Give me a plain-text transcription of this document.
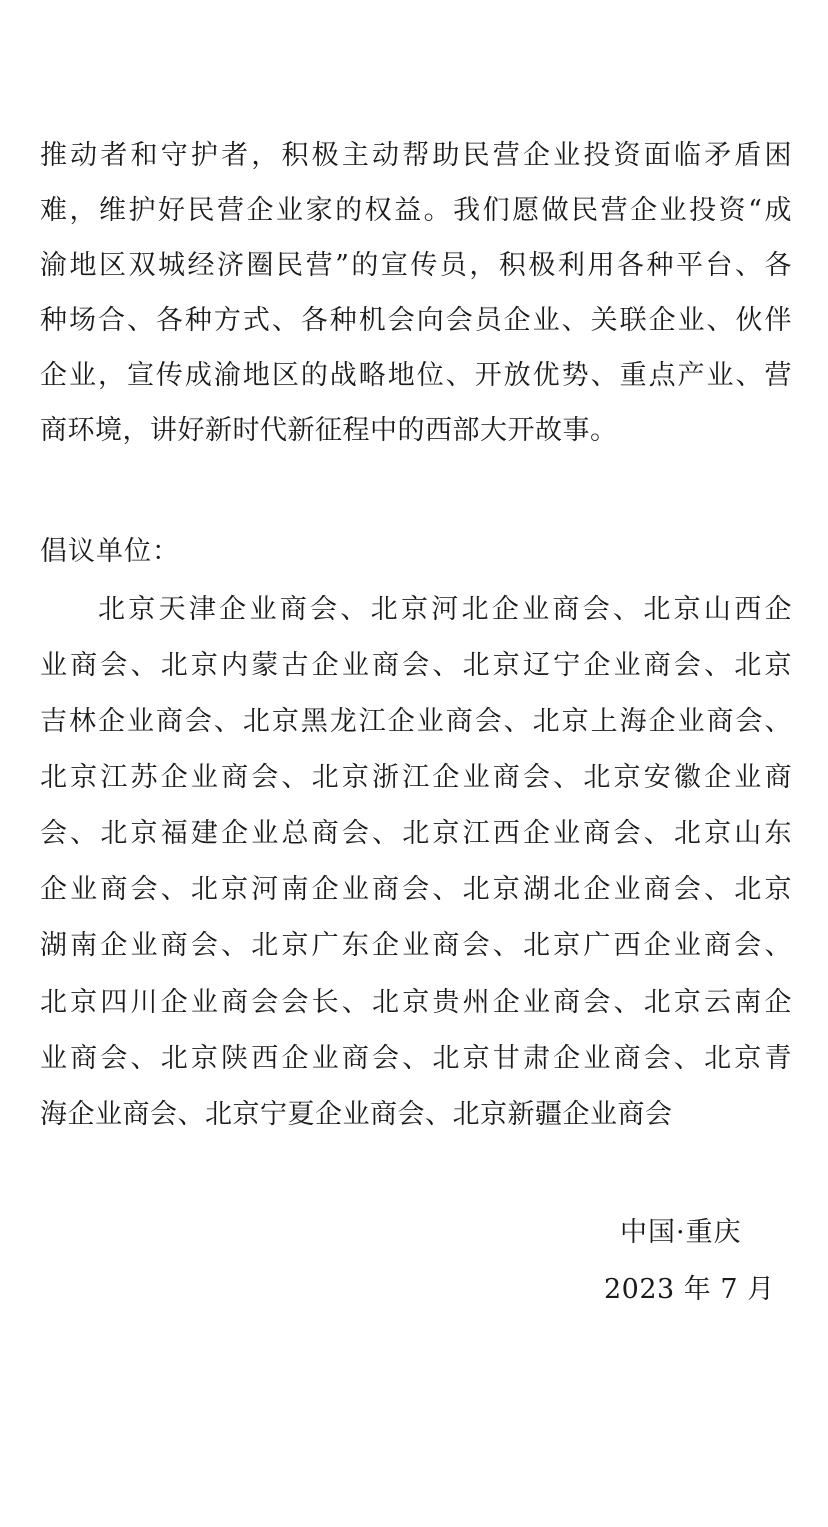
推动者和守护者，积极主动帮助民营企业投资面临矛盾困
难，维护好民营企业家的权益。我们愿做民营企业投资“成
渝地区双城经济圈民营”的宣传员，积极利用各种平台、各
种场合、各种方式、各种机会向会员企业、关联企业、伙伴
企业，宣传成渝地区的战略地位、开放优势、重点产业、营
商环境，讲好新时代新征程中的西部大开故事。
倡议单位：
北京天津企业商会、北京河北企业商会、北京山西企
业商会、北京内蒙古企业商会、北京辽宁企业商会、北京
吉林企业商会、北京黑龙江企业商会、北京上海企业商会、
北京江苏企业商会、北京浙江企业商会、北京安徽企业商
会、北京福建企业总商会、北京江西企业商会、北京山东
企业商会、北京河南企业商会、北京湖北企业商会、北京
湖南企业商会、北京广东企业商会、北京广西企业商会、
北京四川企业商会会长、北京贵州企业商会、北京云南企
业商会、北京陕西企业商会、北京甘肃企业商会、北京青
海企业商会、北京宁夏企业商会、北京新疆企业商会
中国·重庆
2023 年 7 月
